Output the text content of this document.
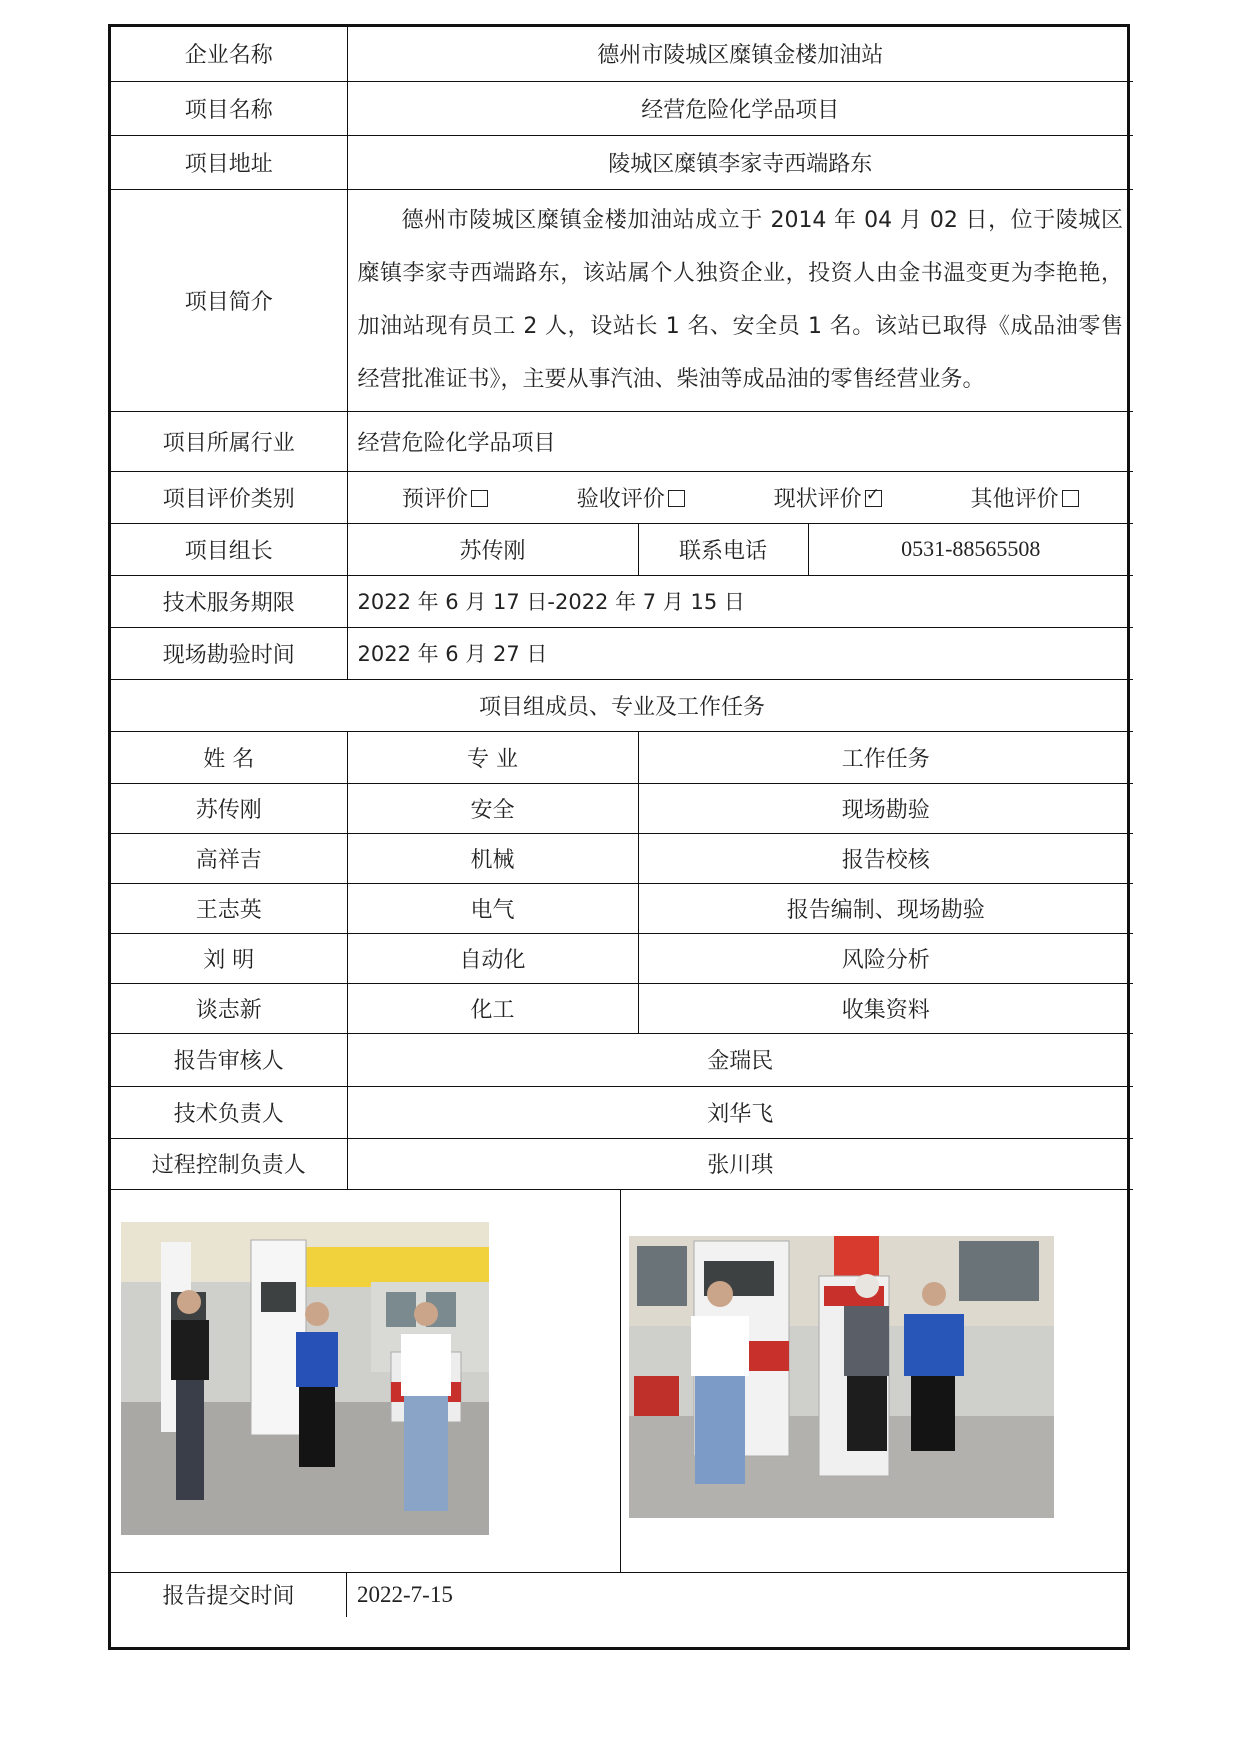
企业名称	德州市陵城区糜镇金楼加油站		
项目名称	经营危险化学品项目		
项目地址	陵城区糜镇李家寺西端路东		
项目简介	德州市陵城区糜镇金楼加油站成立于 2014 年 04 月 02 日，位于陵城区糜镇李家寺西端路东，该站属个人独资企业，投资人由金书温变更为李艳艳，加油站现有员工 2 人，设站长 1 名、安全员 1 名。该站已取得《成品油零售经营批准证书》，主要从事汽油、柴油等成品油的零售经营业务。		
项目所属行业	经营危险化学品项目		
项目评价类别	预评价 验收评价 现状评价 ✓ 其他评价

项目组长	苏传刚	联系电话	0531-88565508
技术服务期限	2022 年 6 月 17 日-2022 年 7 月 15 日		
现场勘验时间	2022 年 6 月 27 日		
项目组成员、专业及工作任务			
姓 名	专 业	工作任务
苏传刚	安全	现场勘验
高祥吉	机械	报告校核
王志英	电气	报告编制、现场勘验
刘 明	自动化	风险分析
谈志新	化工	收集资料
报告审核人	金瑞民
技术负责人	刘华飞
过程控制负责人	张川琪
报告提交时间	2022-7-15
